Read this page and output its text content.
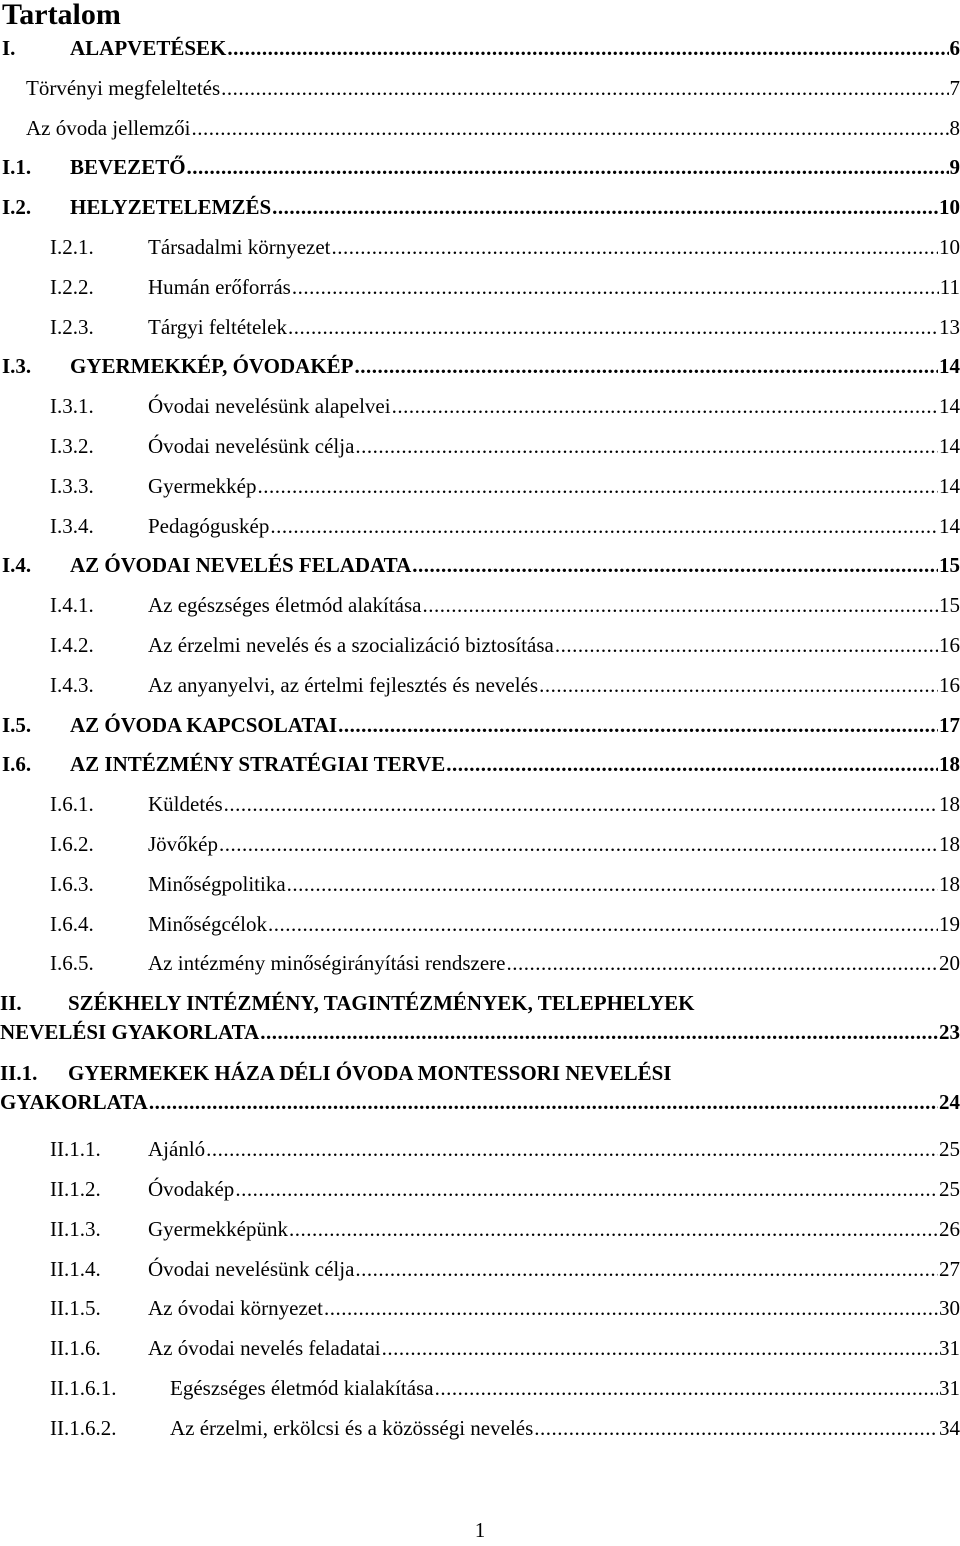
Tartalom
I.	ALAPVETÉSEK .....	6
Törvényi megfeleltetés .....	7
Az óvoda jellemzői .....	8
I.1. BEVEZETŐ .....	9
I.2. HELYZETELEMZÉS .....	10
I.2.1.	Társadalmi környezet .....	10
I.2.2.	Humán erőforrás .....	11
I.2.3.	Tárgyi feltételek .....	13
I.3. GYERMEKKÉP, ÓVODAKÉP .....	14
I.3.1.	Óvodai nevelésünk alapelvei .....	14
I.3.2.	Óvodai nevelésünk célja .....	14
I.3.3.	Gyermekkép .....	14
I.3.4.	Pedagóguskép .....	14
I.4. AZ ÓVODAI NEVELÉS FELADATA .....	15
I.4.1.	Az egészséges életmód alakítása .....	15
I.4.2.	Az érzelmi nevelés és a szocializáció biztosítása .....	16
I.4.3.	Az anyanyelvi, az értelmi fejlesztés és nevelés .....	16
I.5. AZ ÓVODA KAPCSOLATAI .....	17
I.6. AZ INTÉZMÉNY STRATÉGIAI TERVE .....	18
I.6.1.	Küldetés .....	18
I.6.2.	Jövőkép .....	18
I.6.3.	Minőségpolitika .....	18
I.6.4.	Minőségcélok .....	19
I.6.5.	Az intézmény minőségirányítási rendszere .....	20
II. SZÉKHELY INTÉZMÉNY, TAGINTÉZMÉNYEK, TELEPHELYEK
NEVELÉSI GYAKORLATA .....	23
II.1. GYERMEKEK HÁZA DÉLI ÓVODA MONTESSORI NEVELÉSI
GYAKORLATA .....	24
II.1.1. Ajánló .....	25
II.1.2. Óvodakép .....	25
II.1.3. Gyermekképünk .....	26
II.1.4. Óvodai nevelésünk célja .....	27
II.1.5. Az óvodai környezet .....	30
II.1.6. Az óvodai nevelés feladatai .....	31
II.1.6.1.	Egészséges életmód kialakítása .....	31
II.1.6.2.	Az érzelmi, erkölcsi és a közösségi nevelés .....	34
1
